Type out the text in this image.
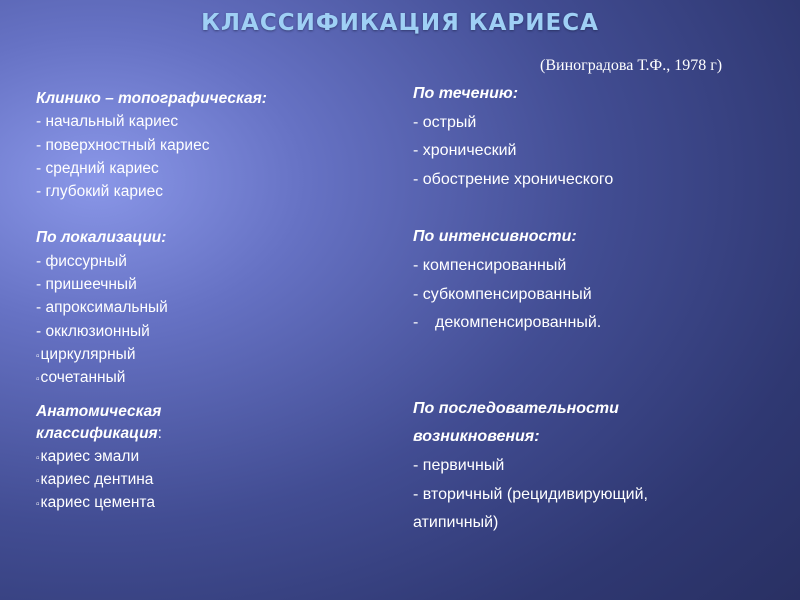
КЛАССИФИКАЦИЯ КАРИЕСА
(Виноградова Т.Ф., 1978 г)
Клинико – топографическая:
- начальный кариес
- поверхностный кариес
- средний кариес
- глубокий кариес
По локализации:
- фиссурный
- пришеечный
- апроксимальный
- окклюзионный
▫циркулярный
▫сочетанный
Анатомическая
классификация:
▫кариес эмали
▫кариес дентина
▫кариес цемента
По течению:
- острый
- хронический
- обострение хронического
По интенсивности:
- компенсированный
- субкомпенсированный
- декомпенсированный.
По последовательности
возникновения:
- первичный
- вторичный (рецидивирующий,
атипичный)
